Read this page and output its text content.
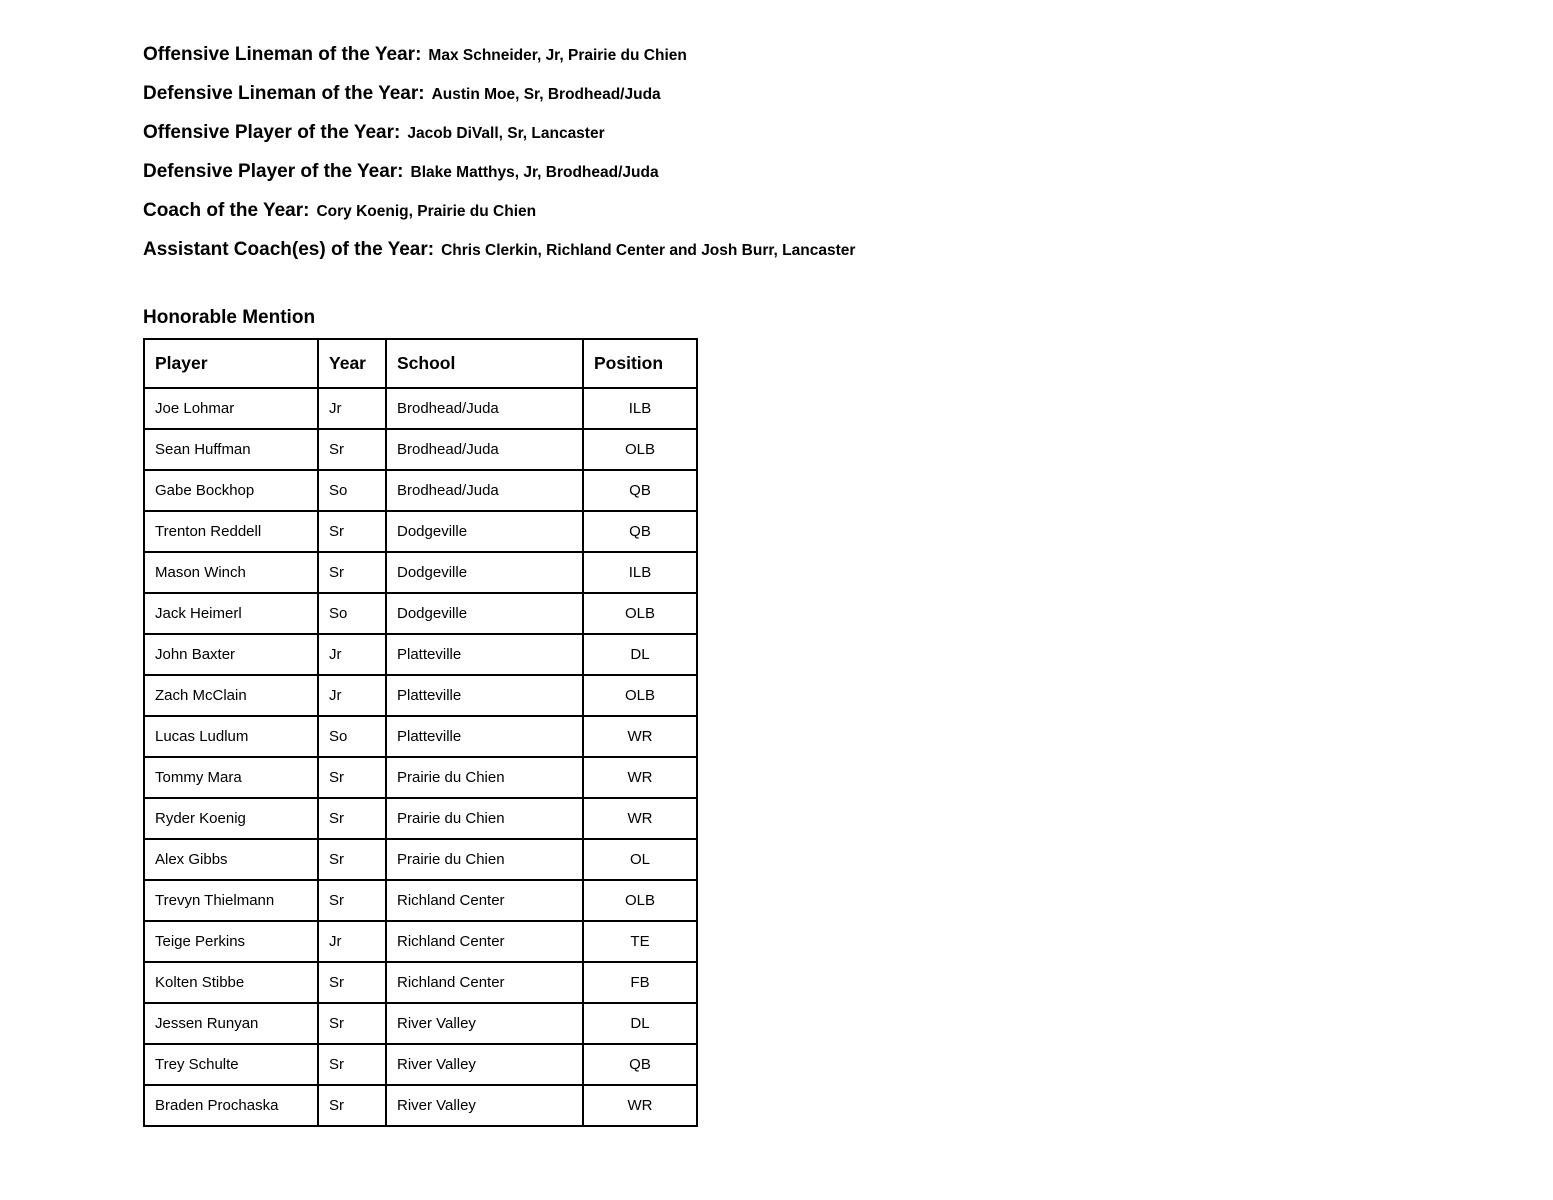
Offensive Lineman of the Year: Max Schneider, Jr, Prairie du Chien

Defensive Lineman of the Year: Austin Moe, Sr, Brodhead/Juda

Offensive Player of the Year: Jacob DiVall, Sr, Lancaster

Defensive Player of the Year: Blake Matthys, Jr, Brodhead/Juda

Coach of the Year: Cory Koenig, Prairie du Chien

Assistant Coach(es) of the Year: Chris Clerkin, Richland Center and Josh Burr, Lancaster

Honorable Mention
Player	Year	School	Position
Joe Lohmar	Jr	Brodhead/Juda	ILB
Sean Huffman	Sr	Brodhead/Juda	OLB
Gabe Bockhop	So	Brodhead/Juda	QB
Trenton Reddell	Sr	Dodgeville	QB
Mason Winch	Sr	Dodgeville	ILB
Jack Heimerl	So	Dodgeville	OLB
John Baxter	Jr	Platteville	DL
Zach McClain	Jr	Platteville	OLB
Lucas Ludlum	So	Platteville	WR
Tommy Mara	Sr	Prairie du Chien	WR
Ryder Koenig	Sr	Prairie du Chien	WR
Alex Gibbs	Sr	Prairie du Chien	OL
Trevyn Thielmann	Sr	Richland Center	OLB
Teige Perkins	Jr	Richland Center	TE
Kolten Stibbe	Sr	Richland Center	FB
Jessen Runyan	Sr	River Valley	DL
Trey Schulte	Sr	River Valley	QB
Braden Prochaska	Sr	River Valley	WR
